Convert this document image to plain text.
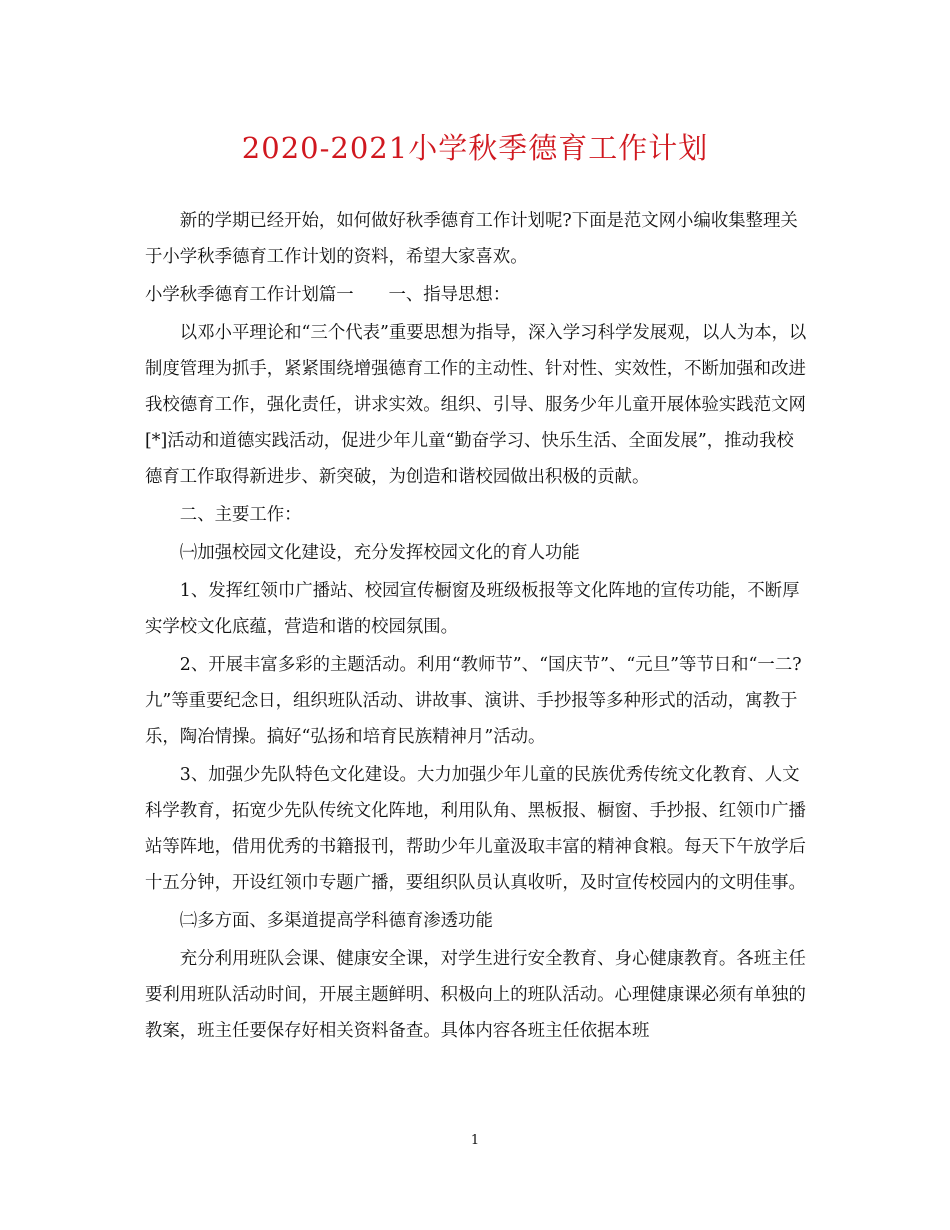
2020-2021小学秋季德育工作计划

新的学期已经开始，如何做好秋季德育工作计划呢?下面是范文网小编收集整理关于小学秋季德育工作计划的资料，希望大家喜欢。

小学秋季德育工作计划篇一　　一、指导思想：

以邓小平理论和“三个代表”重要思想为指导，深入学习科学发展观，以人为本，以制度管理为抓手，紧紧围绕增强德育工作的主动性、针对性、实效性，不断加强和改进我校德育工作，强化责任，讲求实效。组织、引导、服务少年儿童开展体验实践范文网[*]活动和道德实践活动，促进少年儿童“勤奋学习、快乐生活、全面发展”，推动我校德育工作取得新进步、新突破，为创造和谐校园做出积极的贡献。

二、主要工作：

㈠加强校园文化建设，充分发挥校园文化的育人功能

1、发挥红领巾广播站、校园宣传橱窗及班级板报等文化阵地的宣传功能，不断厚实学校文化底蕴，营造和谐的校园氛围。

2、开展丰富多彩的主题活动。利用“教师节”、“国庆节”、“元旦”等节日和“一二?九”等重要纪念日，组织班队活动、讲故事、演讲、手抄报等多种形式的活动，寓教于乐，陶冶情操。搞好“弘扬和培育民族精神月”活动。

3、加强少先队特色文化建设。大力加强少年儿童的民族优秀传统文化教育、人文科学教育，拓宽少先队传统文化阵地，利用队角、黑板报、橱窗、手抄报、红领巾广播站等阵地，借用优秀的书籍报刊，帮助少年儿童汲取丰富的精神食粮。每天下午放学后十五分钟，开设红领巾专题广播，要组织队员认真收听，及时宣传校园内的文明佳事。

㈡多方面、多渠道提高学科德育渗透功能

充分利用班队会课、健康安全课，对学生进行安全教育、身心健康教育。各班主任要利用班队活动时间，开展主题鲜明、积极向上的班队活动。心理健康课必须有单独的教案，班主任要保存好相关资料备查。具体内容各班主任依据本班

1
